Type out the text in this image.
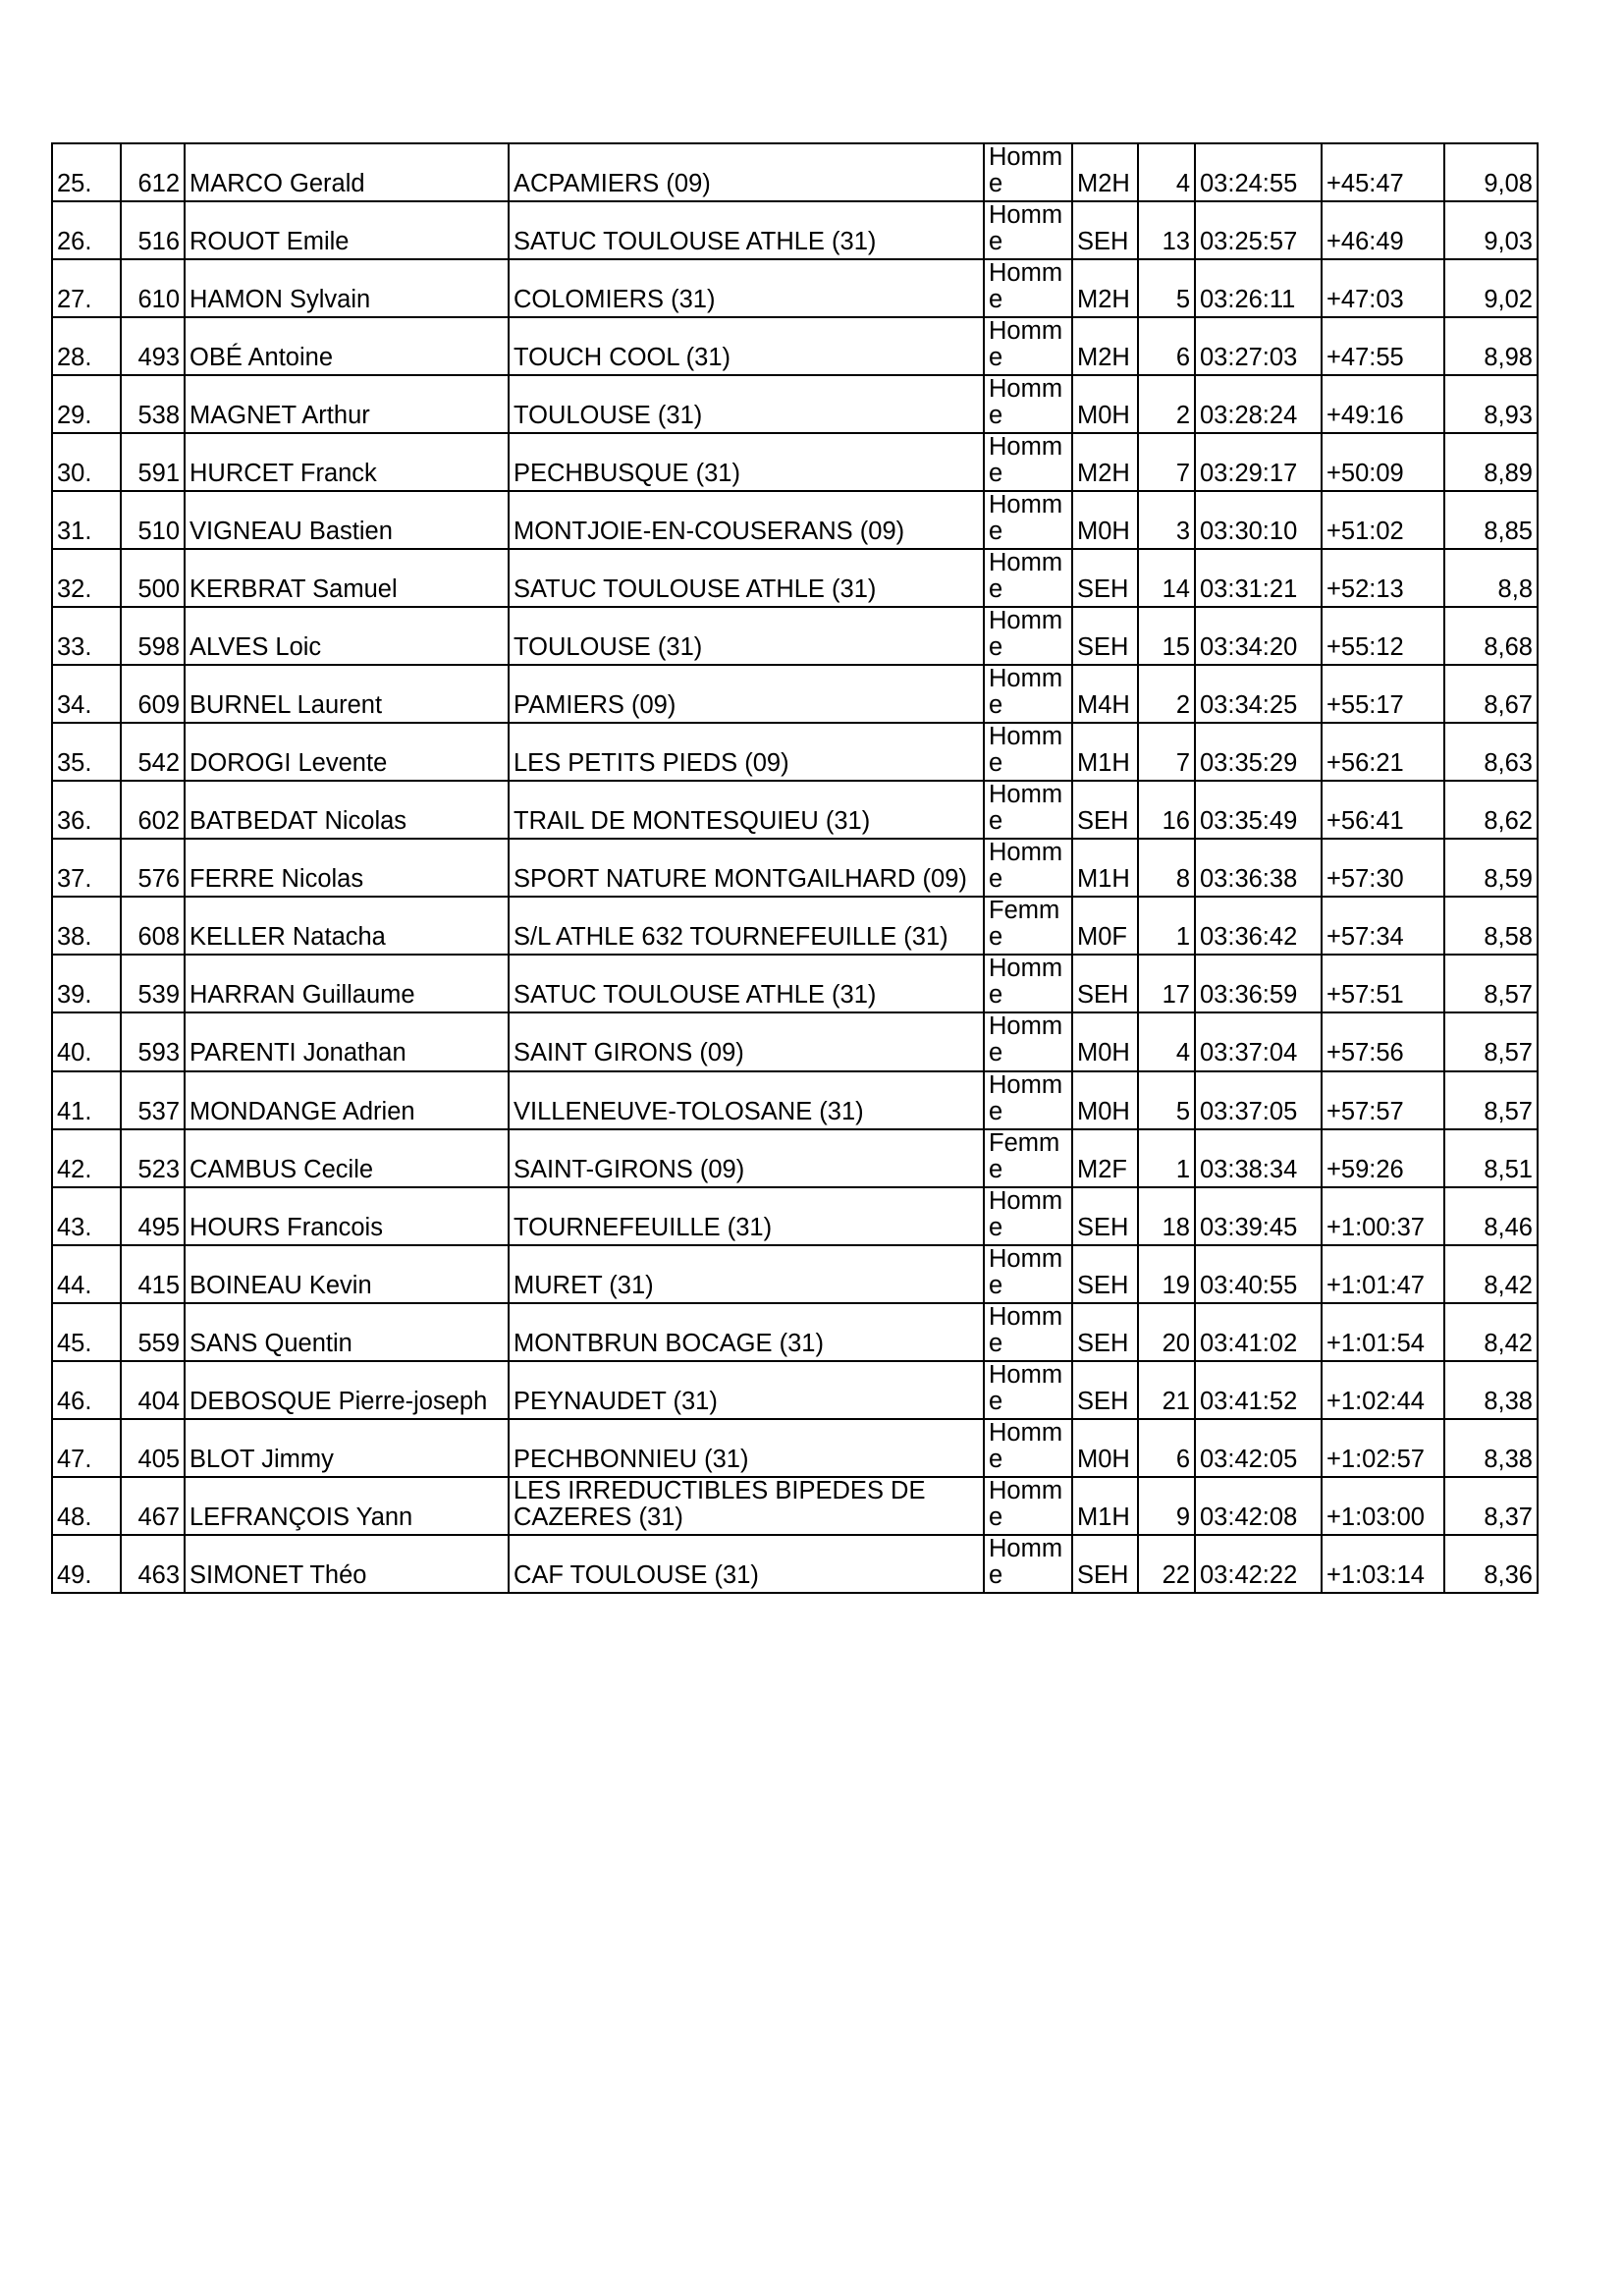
25.	612	MARCO Gerald	ACPAMIERS (09)	Homme	M2H	4	03:24:55	+45:47	9,08
26.	516	ROUOT Emile	SATUC TOULOUSE ATHLE (31)	Homme	SEH	13	03:25:57	+46:49	9,03
27.	610	HAMON Sylvain	COLOMIERS (31)	Homme	M2H	5	03:26:11	+47:03	9,02
28.	493	OBÉ Antoine	TOUCH COOL (31)	Homme	M2H	6	03:27:03	+47:55	8,98
29.	538	MAGNET Arthur	TOULOUSE (31)	Homme	M0H	2	03:28:24	+49:16	8,93
30.	591	HURCET Franck	PECHBUSQUE (31)	Homme	M2H	7	03:29:17	+50:09	8,89
31.	510	VIGNEAU Bastien	MONTJOIE-EN-COUSERANS (09)	Homme	M0H	3	03:30:10	+51:02	8,85
32.	500	KERBRAT Samuel	SATUC TOULOUSE ATHLE (31)	Homme	SEH	14	03:31:21	+52:13	8,8
33.	598	ALVES Loic	TOULOUSE (31)	Homme	SEH	15	03:34:20	+55:12	8,68
34.	609	BURNEL Laurent	PAMIERS (09)	Homme	M4H	2	03:34:25	+55:17	8,67
35.	542	DOROGI Levente	LES PETITS PIEDS (09)	Homme	M1H	7	03:35:29	+56:21	8,63
36.	602	BATBEDAT Nicolas	TRAIL DE MONTESQUIEU (31)	Homme	SEH	16	03:35:49	+56:41	8,62
37.	576	FERRE Nicolas	SPORT NATURE MONTGAILHARD (09)	Homme	M1H	8	03:36:38	+57:30	8,59
38.	608	KELLER Natacha	S/L ATHLE 632 TOURNEFEUILLE (31)	Femme	M0F	1	03:36:42	+57:34	8,58
39.	539	HARRAN Guillaume	SATUC TOULOUSE ATHLE (31)	Homme	SEH	17	03:36:59	+57:51	8,57
40.	593	PARENTI Jonathan	SAINT GIRONS (09)	Homme	M0H	4	03:37:04	+57:56	8,57
41.	537	MONDANGE Adrien	VILLENEUVE-TOLOSANE (31)	Homme	M0H	5	03:37:05	+57:57	8,57
42.	523	CAMBUS Cecile	SAINT-GIRONS (09)	Femme	M2F	1	03:38:34	+59:26	8,51
43.	495	HOURS Francois	TOURNEFEUILLE (31)	Homme	SEH	18	03:39:45	+1:00:37	8,46
44.	415	BOINEAU Kevin	MURET (31)	Homme	SEH	19	03:40:55	+1:01:47	8,42
45.	559	SANS Quentin	MONTBRUN BOCAGE (31)	Homme	SEH	20	03:41:02	+1:01:54	8,42
46.	404	DEBOSQUE Pierre-joseph	PEYNAUDET (31)	Homme	SEH	21	03:41:52	+1:02:44	8,38
47.	405	BLOT Jimmy	PECHBONNIEU (31)	Homme	M0H	6	03:42:05	+1:02:57	8,38
48.	467	LEFRANÇOIS Yann	LES IRREDUCTIBLES BIPEDES DE CAZERES (31)	Homme	M1H	9	03:42:08	+1:03:00	8,37
49.	463	SIMONET Théo	CAF TOULOUSE (31)	Homme	SEH	22	03:42:22	+1:03:14	8,36
